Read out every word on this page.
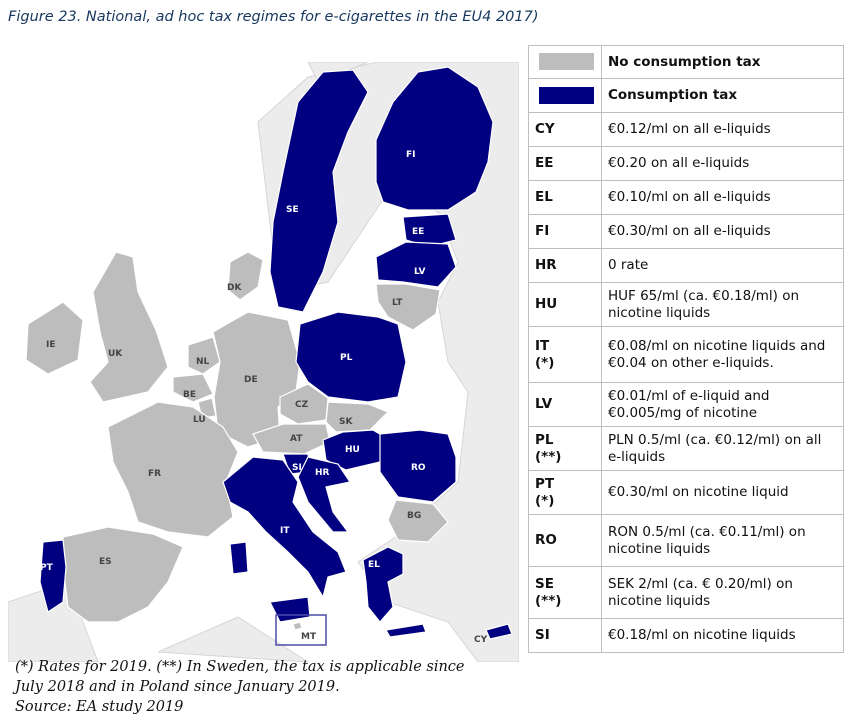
Figure 23. National, ad hoc tax regimes for e-cigarettes in the EU4 2017)
FI
SE
EE
LV
LT
DK
IE
UK
NL
BE
LU
DE
PL
CZ
SK
AT
HU
RO
SI HR
FR
IT
BG
ES
PT	EL
MT	CY
	No consumption tax
	Consumption tax

CY	€0.12/ml on all e-liquids

EE	€0.20 on all e-liquids

EL	€0.10/ml on all e-liquids

FI	€0.30/ml on all e-liquids

HR	0 rate

HU	HUF 65/ml (ca. €0.18/ml) on nicotine liquids

IT
(*)	€0.08/ml on nicotine liquids and €0.04 on other e-liquids.

LV	€0.01/ml of e-liquid and €0.005/mg of nicotine

PL
(**)	PLN 0.5/ml (ca. €0.12/ml) on all e-liquids

PT
(*)	€0.30/ml on nicotine liquid

RO	RON 0.5/ml (ca. €0.11/ml) on nicotine liquids

SE
(**)	SEK 2/ml (ca. € 0.20/ml) on nicotine liquids

SI	€0.18/ml on nicotine liquids
(*) Rates for 2019. (**) In Sweden, the tax is applicable since
July 2018 and in Poland since January 2019.
Source: EA study 2019
